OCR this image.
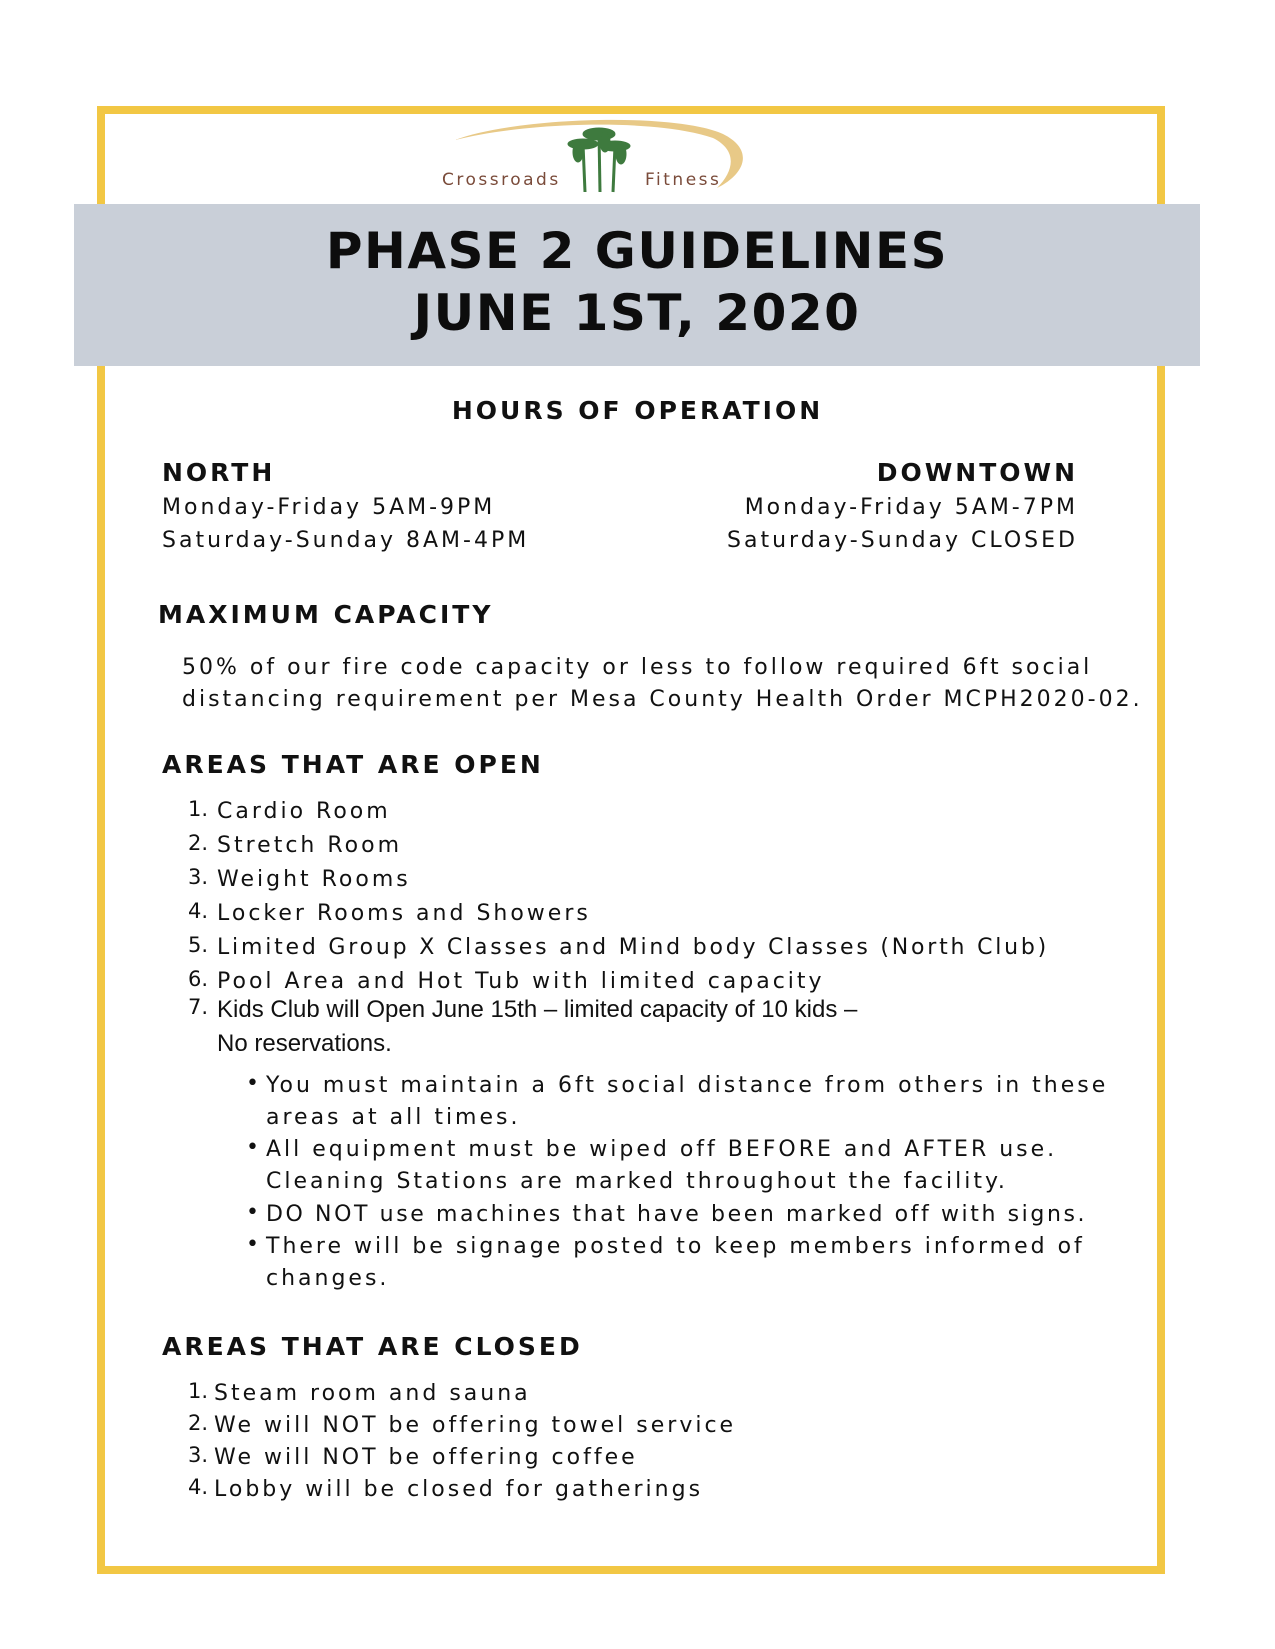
Crossroads	Fitness
PHASE 2 GUIDELINES
JUNE 1ST, 2020
HOURS OF OPERATION
NORTH
Monday-Friday 5AM-9PM
Saturday-Sunday 8AM-4PM
DOWNTOWN
Monday-Friday 5AM-7PM
Saturday-Sunday CLOSED
MAXIMUM CAPACITY
50% of our fire code capacity or less to follow required 6ft social
distancing requirement per Mesa County Health Order MCPH2020-02.
AREAS THAT ARE OPEN
1. Cardio Room
2. Stretch Room
3. Weight Rooms
4. Locker Rooms and Showers
5. Limited Group X Classes and Mind body Classes (North Club)
6. Pool Area and Hot Tub with limited capacity
7. Kids Club will Open June 15th – limited capacity of 10 kids –
No reservations.
• You must maintain a 6ft social distance from others in these
areas at all times.
• All equipment must be wiped off BEFORE and AFTER use.
Cleaning Stations are marked throughout the facility.
• DO NOT use machines that have been marked off with signs.
• There will be signage posted to keep members informed of
changes.
AREAS THAT ARE CLOSED
1. Steam room and sauna
2. We will NOT be offering towel service
3. We will NOT be offering coffee
4. Lobby will be closed for gatherings
